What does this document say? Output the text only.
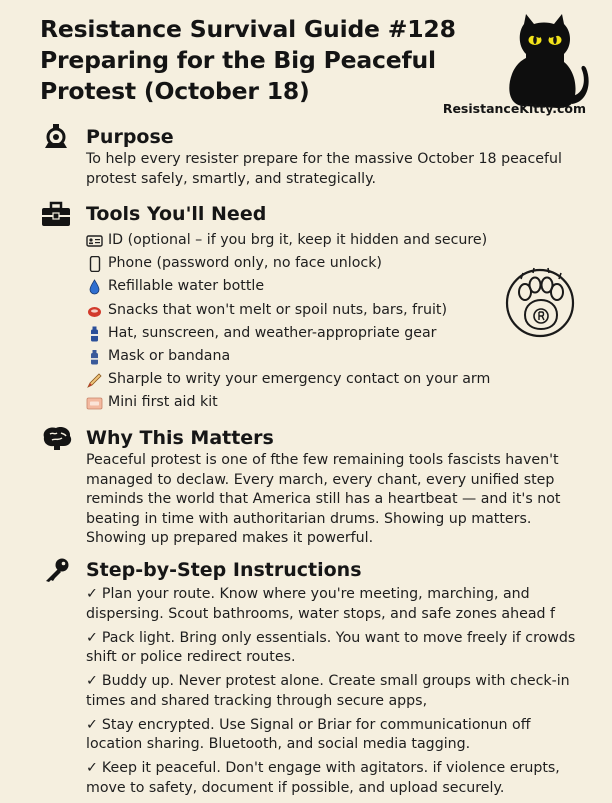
Resistance Survival Guide #128
Preparing for the Big Peaceful
Protest (October 18)
ResistanceKitty.com
Purpose
To help every resister prepare for the massive October 18 peaceful protest safely, smartly, and strategically.
Tools You'll Need
ID (optional – if you brg it, keep it hidden and secure)
Phone (password only, no face unlock)
Refillable water bottle
Snacks that won't melt or spoil nuts, bars, fruit)
Hat, sunscreen, and weather-appropriate gear
Mask or bandana
Sharple to writy your emergency contact on your arm
Mini first aid kit
Why This Matters
Peaceful protest is one of fthe few remaining tools fascists haven't managed to declaw. Every march, every chant, every unified step reminds the world that America still has a heartbeat — and it's not beating in time with authoritarian drums. Showing up matters. Showing up prepared makes it powerful.
Step-by-Step Instructions
✓ Plan your route. Know where you're meeting, marching, and dispersing. Scout bathrooms, water stops, and safe zones ahead f
✓ Pack light. Bring only essentials. You want to move freely if crowds shift or police redirect routes.
✓ Buddy up. Never protest alone. Create small groups with check-in times and shared tracking through secure apps,
✓ Stay encrypted. Use Signal or Briar for communicationun off location sharing. Bluetooth, and social media tagging.
✓ Keep it peaceful. Don't engage with agitators. if violence erupts, move to safety, document if possible, and upload securely.
